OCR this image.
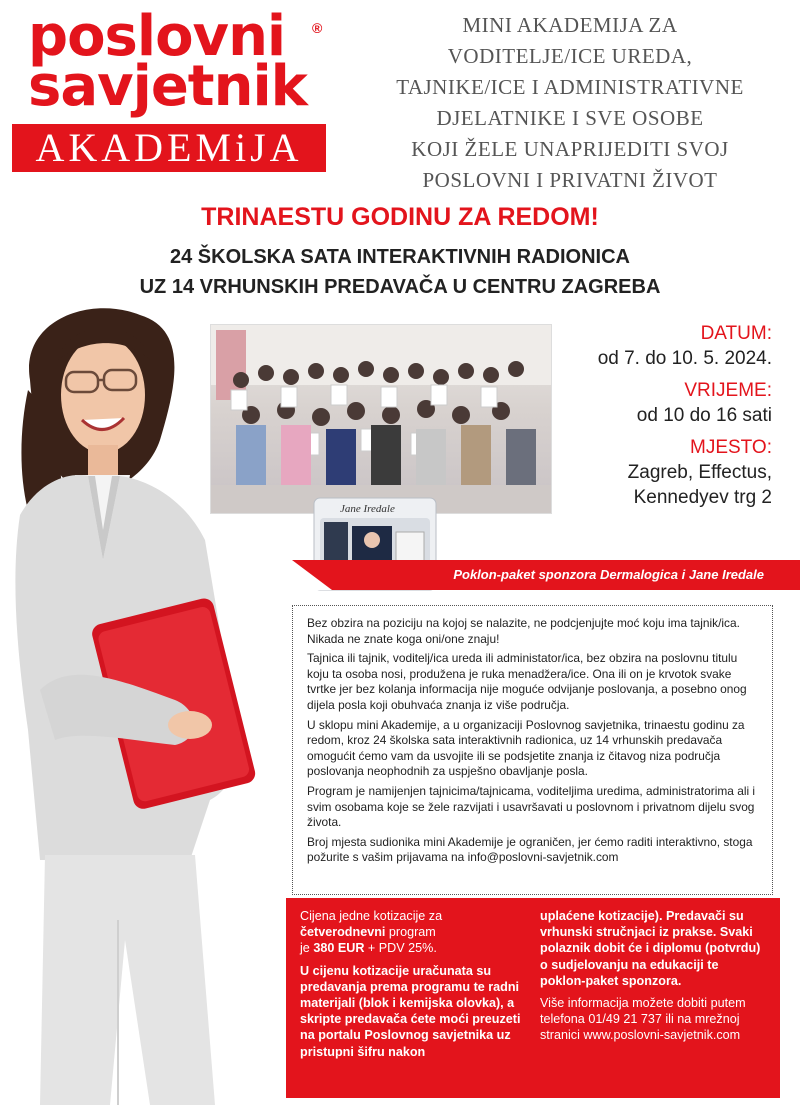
poslovni
savjetnik
®
AKADEMiJA
MINI AKADEMIJA ZA
VODITELJE/ICE UREDA,
TAJNIKE/ICE I ADMINISTRATIVNE
DJELATNIKE I SVE OSOBE
KOJI ŽELE UNAPRIJEDITI SVOJ
POSLOVNI I PRIVATNI ŽIVOT
TRINAESTU GODINU ZA REDOM!
24 ŠKOLSKA SATA INTERAKTIVNIH RADIONICA
UZ 14 VRHUNSKIH PREDAVAČA U CENTRU ZAGREBA
DATUM:
od 7. do 10. 5. 2024.
VRIJEME:
od 10 do 16 sati
MJESTO:
Zagreb, Effectus,
Kennedyev trg 2
Jane Iredale
Poklon-paket sponzora Dermalogica i Jane Iredale

Bez obzira na poziciju na kojoj se nalazite, ne podcjenjujte moć koju ima tajnik/ica. Nikada ne znate koga oni/one znaju!

Tajnica ili tajnik, voditelj/ica ureda ili administator/ica, bez obzira na poslovnu titulu koju ta osoba nosi, produžena je ruka menadžera/ice. Ona ili on je krvotok svake tvrtke jer bez kolanja informacija nije moguće odvijanje poslovanja, a posebno onog dijela posla koji obuhvaća znanja iz više područja.

U sklopu mini Akademije, a u organizaciji Poslovnog savjetnika, trinaestu godinu za redom, kroz 24 školska sata interaktivnih radionica, uz 14 vrhunskih predavača omogućit ćemo vam da usvojite ili se podsjetite znanja iz čitavog niza područja poslovanja neophodnih za uspješno obavljanje posla.

Program je namijenjen tajnicima/tajnicama, voditeljima uredima, administratorima ali i svim osobama koje se žele razvijati i usavršavati u poslovnom i privatnom dijelu svog života.

Broj mjesta sudionika mini Akademije je ograničen, jer ćemo raditi interaktivno, stoga požurite s vašim prijavama na info@poslovni-savjetnik.com

Cijena jedne kotizacije za
četverodnevni program
je 380 EUR + PDV 25%.

U cijenu kotizacije uračunata su predavanja prema programu te radni materijali (blok i kemijska olovka), a skripte predavača ćete moći preuzeti na portalu Poslovnog savjetnika uz pristupni šifru nakon

uplaćene kotizacije). Predavači su vrhunski stručnjaci iz prakse. Svaki polaznik dobit će i diplomu (potvrdu) o sudjelovanju na edukaciji te poklon-paket sponzora.

Više informacija možete dobiti putem telefona 01/49 21 737 ili na mrežnoj stranici www.poslovni-savjetnik.com
